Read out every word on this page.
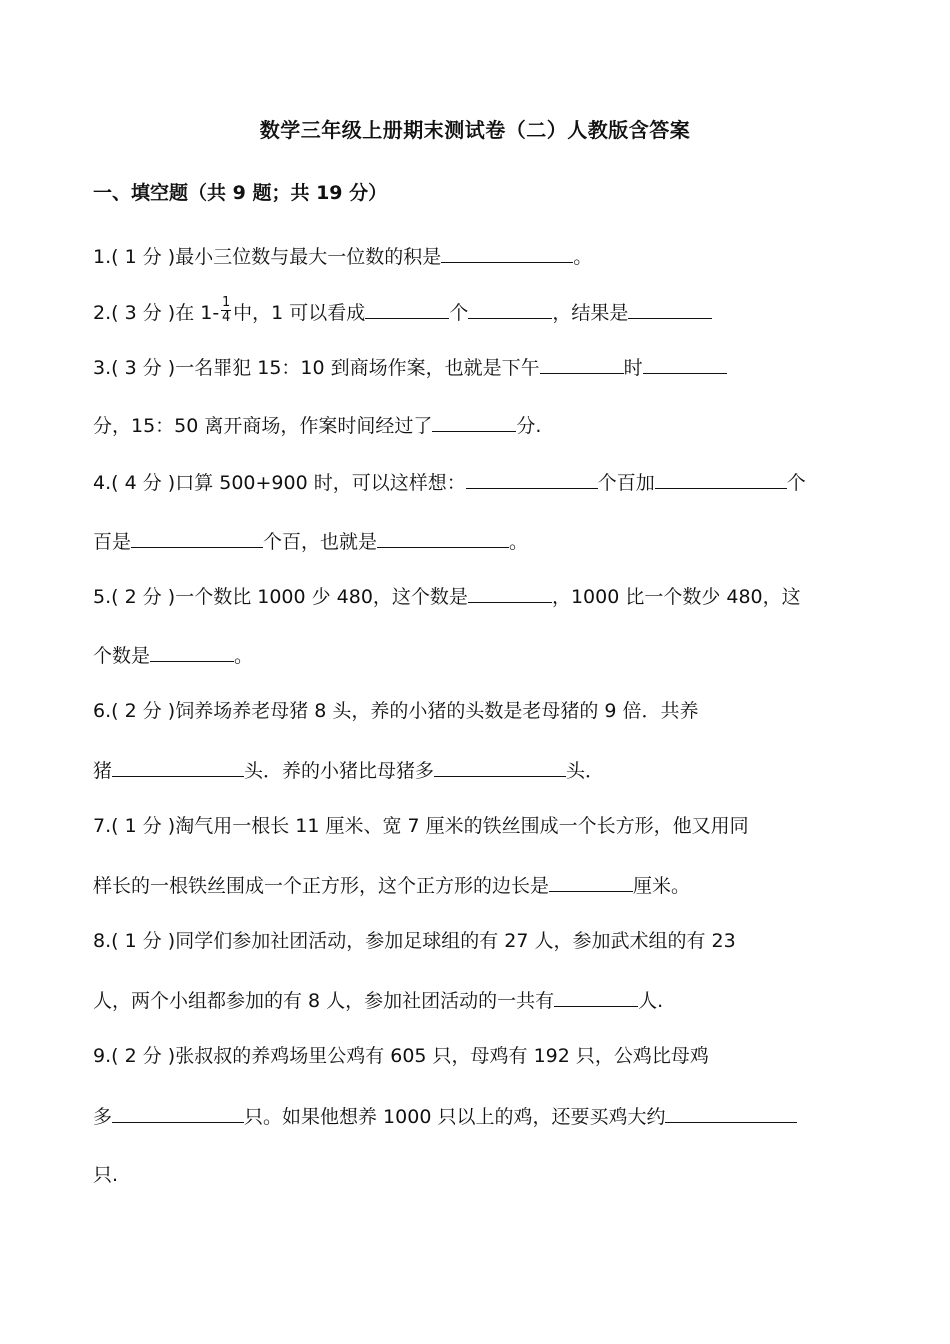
数学三年级上册期末测试卷（二）人教版含答案
一、填空题（共 9 题；共 19 分）
1.( 1 分 )最小三位数与最大一位数的积是	。
2.( 3 分 )在 $1- \frac{1}{4}$ 中，1 可以看成	个	，结果是
3.( 3 分 )一名罪犯 15：10 到商场作案，也就是下午	时
分，15：50 离开商场，作案时间经过了	分.
4.( 4 分 )口算 500+900 时，可以这样想：	个百加	个
百是	个百，也就是	。
5.( 2 分 )一个数比 1000 少 480，这个数是	，1000 比一个数少 480，这
个数是	。
6.( 2 分 )饲养场养老母猪 8 头，养的小猪的头数是老母猪的 9 倍．共养
猪	头．养的小猪比母猪多	头．
7.( 1 分 )淘气用一根长 11 厘米、宽 7 厘米的铁丝围成一个长方形，他又用同
样长的一根铁丝围成一个正方形，这个正方形的边长是	厘米。
8.( 1 分 )同学们参加社团活动，参加足球组的有 27 人，参加武术组的有 23
人，两个小组都参加的有 8 人，参加社团活动的一共有	人.
9.( 2 分 )张叔叔的养鸡场里公鸡有 605 只，母鸡有 192 只，公鸡比母鸡
多	只。如果他想养 1000 只以上的鸡，还要买鸡大约
只.
